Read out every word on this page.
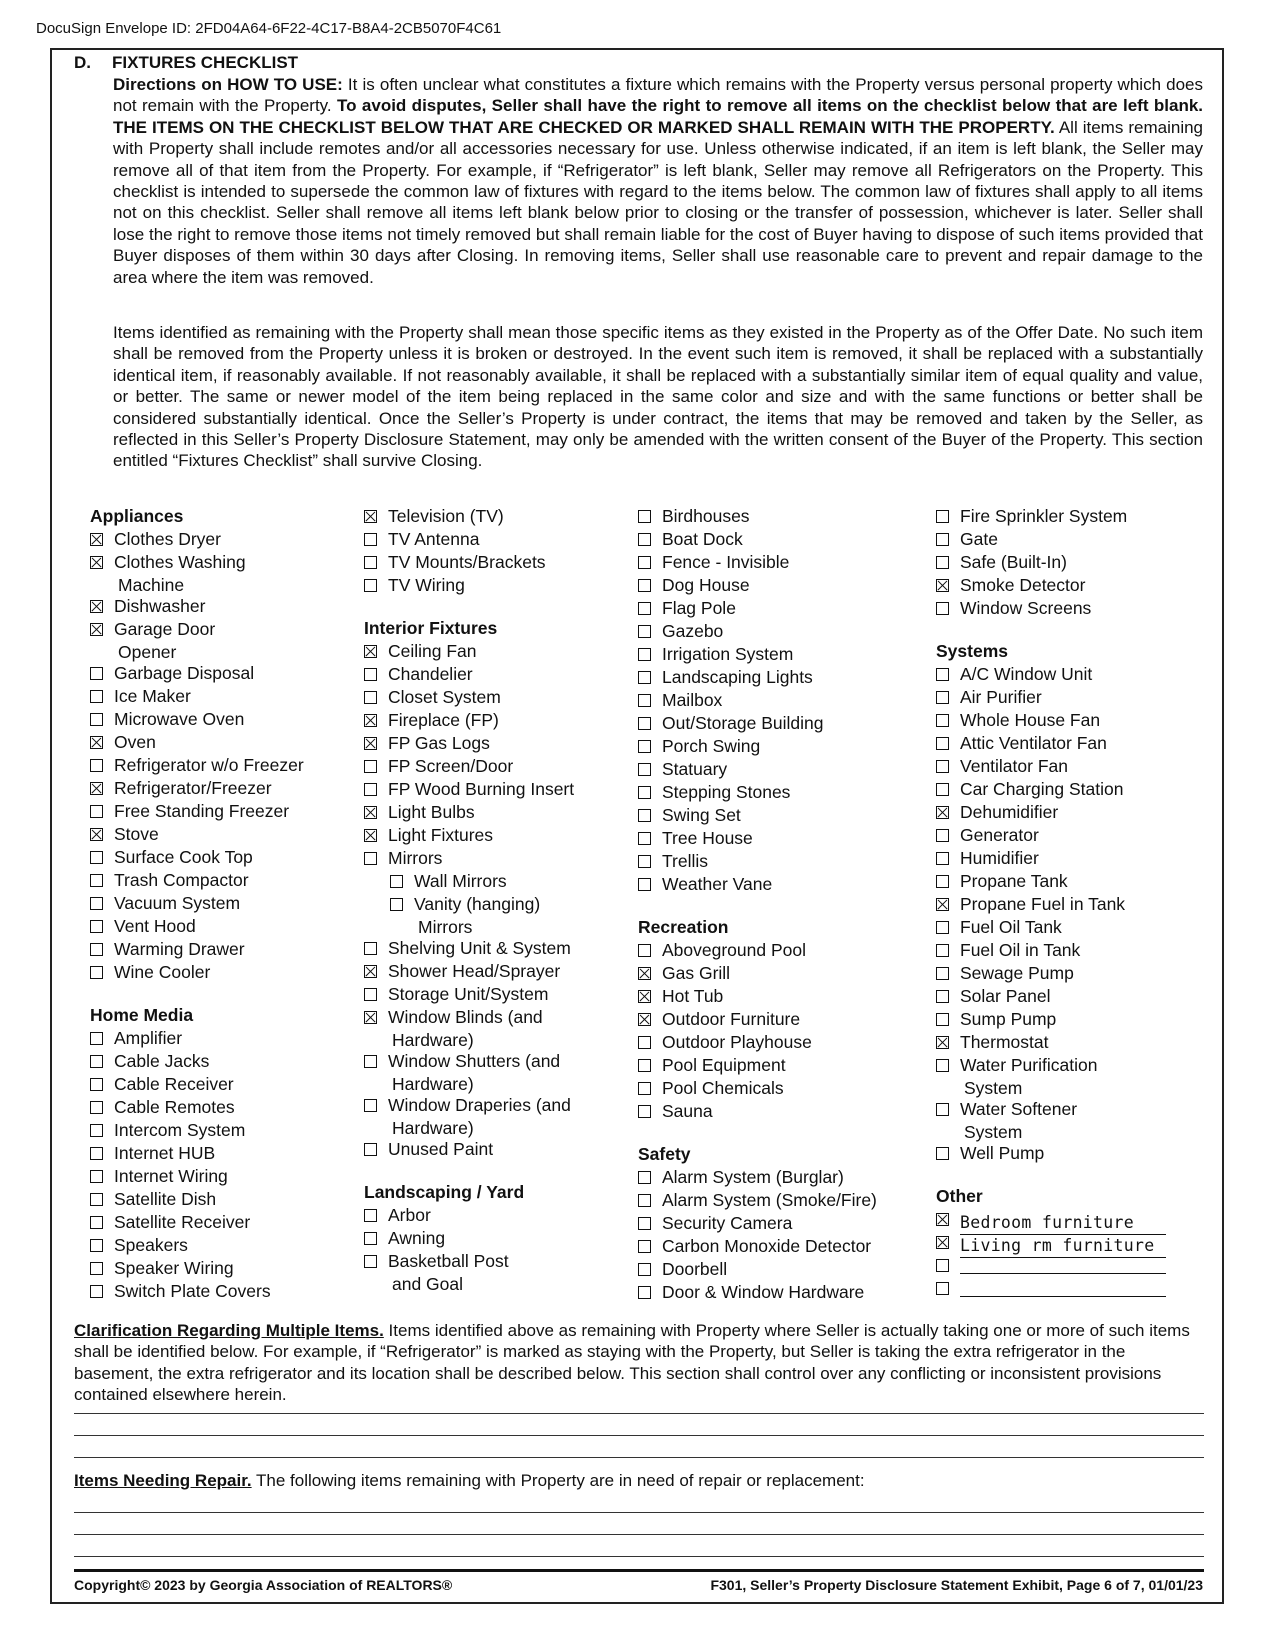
DocuSign Envelope ID: 2FD04A64-6F22-4C17-B8A4-2CB5070F4C61
D. FIXTURES CHECKLIST

Directions on HOW TO USE: It is often unclear what constitutes a fixture which remains with the Property versus personal property which does not remain with the Property. To avoid disputes, Seller shall have the right to remove all items on the checklist below that are left blank. THE ITEMS ON THE CHECKLIST BELOW THAT ARE CHECKED OR MARKED SHALL REMAIN WITH THE PROPERTY. All items remaining with Property shall include remotes and/or all accessories necessary for use. Unless otherwise indicated, if an item is left blank, the Seller may remove all of that item from the Property. For example, if “Refrigerator” is left blank, Seller may remove all Refrigerators on the Property. This checklist is intended to supersede the common law of fixtures with regard to the items below. The common law of fixtures shall apply to all items not on this checklist. Seller shall remove all items left blank below prior to closing or the transfer of possession, whichever is later. Seller shall lose the right to remove those items not timely removed but shall remain liable for the cost of Buyer having to dispose of such items provided that Buyer disposes of them within 30 days after Closing. In removing items, Seller shall use reasonable care to prevent and repair damage to the area where the item was removed.

Items identified as remaining with the Property shall mean those specific items as they existed in the Property as of the Offer Date. No such item shall be removed from the Property unless it is broken or destroyed. In the event such item is removed, it shall be replaced with a substantially identical item, if reasonably available. If not reasonably available, it shall be replaced with a substantially similar item of equal quality and value, or better. The same or newer model of the item being replaced in the same color and size and with the same functions or better shall be considered substantially identical. Once the Seller’s Property is under contract, the items that may be removed and taken by the Seller, as reflected in this Seller’s Property Disclosure Statement, may only be amended with the written consent of the Buyer of the Property. This section entitled “Fixtures Checklist” shall survive Closing.

Appliances
Clothes Dryer
Clothes Washing
Machine
Dishwasher
Garage Door
Opener
Garbage Disposal
Ice Maker
Microwave Oven
Oven
Refrigerator w/o Freezer
Refrigerator/Freezer
Free Standing Freezer
Stove
Surface Cook Top
Trash Compactor
Vacuum System
Vent Hood
Warming Drawer
Wine Cooler
Home Media
Amplifier
Cable Jacks
Cable Receiver
Cable Remotes
Intercom System
Internet HUB
Internet Wiring
Satellite Dish
Satellite Receiver
Speakers
Speaker Wiring
Switch Plate Covers
Television (TV)
TV Antenna
TV Mounts/Brackets
TV Wiring
Interior Fixtures
Ceiling Fan
Chandelier
Closet System
Fireplace (FP)
FP Gas Logs
FP Screen/Door
FP Wood Burning Insert
Light Bulbs
Light Fixtures
Mirrors
Wall Mirrors
Vanity (hanging)
Mirrors
Shelving Unit & System
Shower Head/Sprayer
Storage Unit/System
Window Blinds (and
Hardware)
Window Shutters (and
Hardware)
Window Draperies (and
Hardware)
Unused Paint
Landscaping / Yard
Arbor
Awning
Basketball Post
and Goal
Birdhouses
Boat Dock
Fence - Invisible
Dog House
Flag Pole
Gazebo
Irrigation System
Landscaping Lights
Mailbox
Out/Storage Building
Porch Swing
Statuary
Stepping Stones
Swing Set
Tree House
Trellis
Weather Vane
Recreation
Aboveground Pool
Gas Grill
Hot Tub
Outdoor Furniture
Outdoor Playhouse
Pool Equipment
Pool Chemicals
Sauna
Safety
Alarm System (Burglar)
Alarm System (Smoke/Fire)
Security Camera
Carbon Monoxide Detector
Doorbell
Door & Window Hardware
Fire Sprinkler System
Gate
Safe (Built-In)
Smoke Detector
Window Screens
Systems
A/C Window Unit
Air Purifier
Whole House Fan
Attic Ventilator Fan
Ventilator Fan
Car Charging Station
Dehumidifier
Generator
Humidifier
Propane Tank
Propane Fuel in Tank
Fuel Oil Tank
Fuel Oil in Tank
Sewage Pump
Solar Panel
Sump Pump
Thermostat
Water Purification
System
Water Softener
System
Well Pump
Other
Bedroom furniture
Living rm furniture

Clarification Regarding Multiple Items. Items identified above as remaining with Property where Seller is actually taking one or more of such items shall be identified below. For example, if “Refrigerator” is marked as staying with the Property, but Seller is taking the extra refrigerator in the basement, the extra refrigerator and its location shall be described below. This section shall control over any conflicting or inconsistent provisions contained elsewhere herein.

Items Needing Repair. The following items remaining with Property are in need of repair or replacement:

Copyright© 2023 by Georgia Association of REALTORS®	F301, Seller’s Property Disclosure Statement Exhibit, Page 6 of 7, 01/01/23
